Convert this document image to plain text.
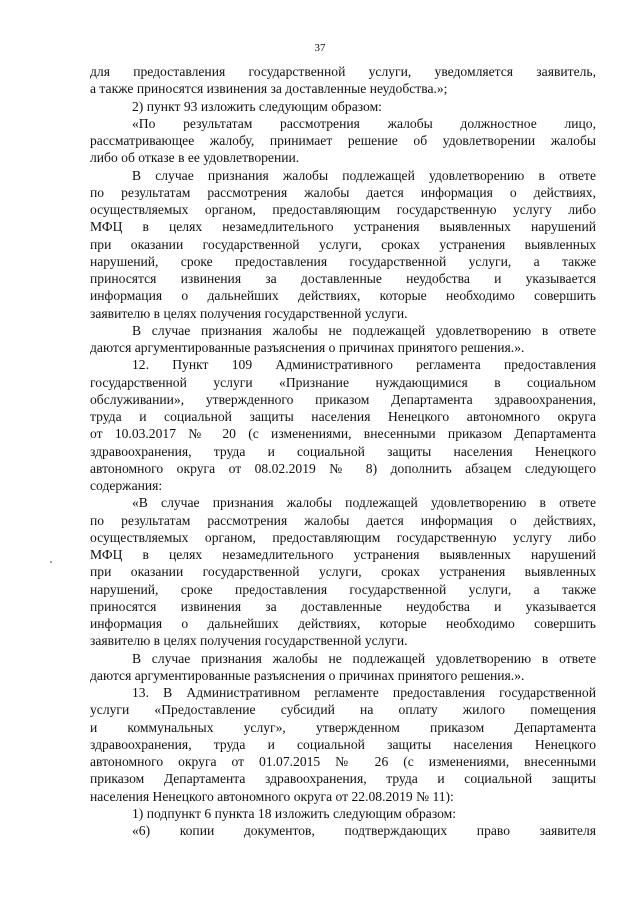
37

для предоставления государственной услуги, уведомляется заявитель,

а также приносятся извинения за доставленные неудобства.»;

2) пункт 93 изложить следующим образом:

«По результатам рассмотрения жалобы должностное лицо,

рассматривающее жалобу, принимает решение об удовлетворении жалобы

либо об отказе в ее удовлетворении.

В случае признания жалобы подлежащей удовлетворению в ответе

по результатам рассмотрения жалобы дается информация о действиях,

осуществляемых органом, предоставляющим государственную услугу либо

МФЦ в целях незамедлительного устранения выявленных нарушений

при оказании государственной услуги, сроках устранения выявленных

нарушений, сроке предоставления государственной услуги, а также

приносятся извинения за доставленные неудобства и указывается

информация о дальнейших действиях, которые необходимо совершить

заявителю в целях получения государственной услуги.

В случае признания жалобы не подлежащей удовлетворению в ответе

даются аргументированные разъяснения о причинах принятого решения.».

12. Пункт 109 Административного регламента предоставления

государственной услуги «Признание нуждающимися в социальном

обслуживании», утвержденного приказом Департамента здравоохранения,

труда и социальной защиты населения Ненецкого автономного округа

от 10.03.2017 № 20 (с изменениями, внесенными приказом Департамента

здравоохранения, труда и социальной защиты населения Ненецкого

автономного округа от 08.02.2019 № 8) дополнить абзацем следующего

содержания:

«В случае признания жалобы подлежащей удовлетворению в ответе

по результатам рассмотрения жалобы дается информация о действиях,

осуществляемых органом, предоставляющим государственную услугу либо

МФЦ в целях незамедлительного устранения выявленных нарушений

при оказании государственной услуги, сроках устранения выявленных

нарушений, сроке предоставления государственной услуги, а также

приносятся извинения за доставленные неудобства и указывается

информация о дальнейших действиях, которые необходимо совершить

заявителю в целях получения государственной услуги.

В случае признания жалобы не подлежащей удовлетворению в ответе

даются аргументированные разъяснения о причинах принятого решения.».

13. В Административном регламенте предоставления государственной

услуги «Предоставление субсидий на оплату жилого помещения

и коммунальных услуг», утвержденном приказом Департамента

здравоохранения, труда и социальной защиты населения Ненецкого

автономного округа от 01.07.2015 № 26 (с изменениями, внесенными

приказом Департамента здравоохранения, труда и социальной защиты

населения Ненецкого автономного округа от 22.08.2019 № 11):

1) подпункт 6 пункта 18 изложить следующим образом:

«6) копии документов, подтверждающих право заявителя
